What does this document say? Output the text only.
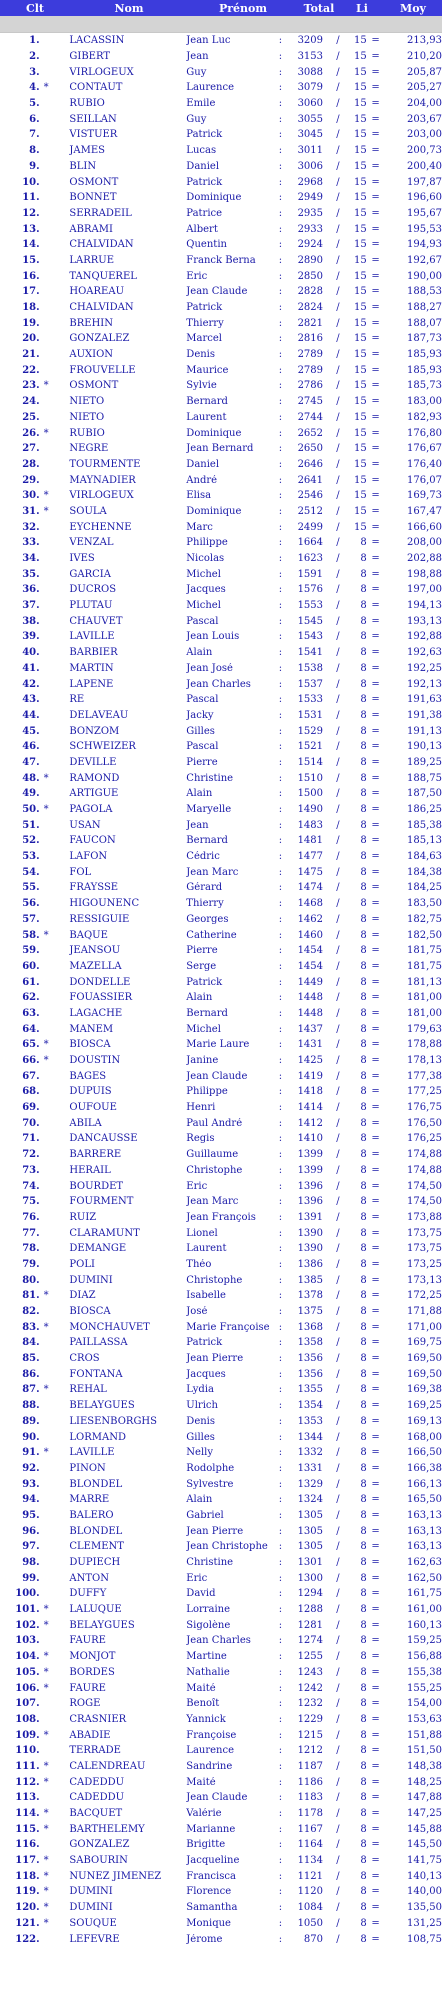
Clt	Nom	Prénom	Total	Li	Moy
1.	LACASSIN	Jean Luc	:	3209	/	15 =	213,93
2.	GIBERT	Jean	:	3153	/	15 =	210,20
3.	VIRLOGEUX	Guy	:	3088	/	15 =	205,87
4. *	CONTAUT	Laurence	:	3079	/	15 =	205,27
5.	RUBIO	Emile	:	3060	/	15 =	204,00
6.	SEILLAN	Guy	:	3055	/	15 =	203,67
7.	VISTUER	Patrick	:	3045	/	15 =	203,00
8.	JAMES	Lucas	:	3011	/	15 =	200,73
9.	BLIN	Daniel	:	3006	/	15 =	200,40
10.	OSMONT	Patrick	:	2968	/	15 =	197,87
11.	BONNET	Dominique	:	2949	/	15 =	196,60
12.	SERRADEIL	Patrice	:	2935	/	15 =	195,67
13.	ABRAMI	Albert	:	2933	/	15 =	195,53
14.	CHALVIDAN	Quentin	:	2924	/	15 =	194,93
15.	LARRUE	Franck Berna	:	2890	/	15 =	192,67
16.	TANQUEREL	Eric	:	2850	/	15 =	190,00
17.	HOAREAU	Jean Claude	:	2828	/	15 =	188,53
18.	CHALVIDAN	Patrick	:	2824	/	15 =	188,27
19.	BREHIN	Thierry	:	2821	/	15 =	188,07
20.	GONZALEZ	Marcel	:	2816	/	15 =	187,73
21.	AUXION	Denis	:	2789	/	15 =	185,93
22.	FROUVELLE	Maurice	:	2789	/	15 =	185,93
23. *	OSMONT	Sylvie	:	2786	/	15 =	185,73
24.	NIETO	Bernard	:	2745	/	15 =	183,00
25.	NIETO	Laurent	:	2744	/	15 =	182,93
26. *	RUBIO	Dominique	:	2652	/	15 =	176,80
27.	NEGRE	Jean Bernard	:	2650	/	15 =	176,67
28.	TOURMENTE	Daniel	:	2646	/	15 =	176,40
29.	MAYNADIER	André	:	2641	/	15 =	176,07
30. *	VIRLOGEUX	Elisa	:	2546	/	15 =	169,73
31. *	SOULA	Dominique	:	2512	/	15 =	167,47
32.	EYCHENNE	Marc	:	2499	/	15 =	166,60
33.	VENZAL	Philippe	:	1664	/	8 =	208,00
34.	IVES	Nicolas	:	1623	/	8 =	202,88
35.	GARCIA	Michel	:	1591	/	8 =	198,88
36.	DUCROS	Jacques	:	1576	/	8 =	197,00
37.	PLUTAU	Michel	:	1553	/	8 =	194,13
38.	CHAUVET	Pascal	:	1545	/	8 =	193,13
39.	LAVILLE	Jean Louis	:	1543	/	8 =	192,88
40.	BARBIER	Alain	:	1541	/	8 =	192,63
41.	MARTIN	Jean José	:	1538	/	8 =	192,25
42.	LAPENE	Jean Charles	:	1537	/	8 =	192,13
43.	RE	Pascal	:	1533	/	8 =	191,63
44.	DELAVEAU	Jacky	:	1531	/	8 =	191,38
45.	BONZOM	Gilles	:	1529	/	8 =	191,13
46.	SCHWEIZER	Pascal	:	1521	/	8 =	190,13
47.	DEVILLE	Pierre	:	1514	/	8 =	189,25
48. *	RAMOND	Christine	:	1510	/	8 =	188,75
49.	ARTIGUE	Alain	:	1500	/	8 =	187,50
50. *	PAGOLA	Maryelle	:	1490	/	8 =	186,25
51.	USAN	Jean	:	1483	/	8 =	185,38
52.	FAUCON	Bernard	:	1481	/	8 =	185,13
53.	LAFON	Cédric	:	1477	/	8 =	184,63
54.	FOL	Jean Marc	:	1475	/	8 =	184,38
55.	FRAYSSE	Gérard	:	1474	/	8 =	184,25
56.	HIGOUNENC	Thierry	:	1468	/	8 =	183,50
57.	RESSIGUIE	Georges	:	1462	/	8 =	182,75
58. *	BAQUE	Catherine	:	1460	/	8 =	182,50
59.	JEANSOU	Pierre	:	1454	/	8 =	181,75
60.	MAZELLA	Serge	:	1454	/	8 =	181,75
61.	DONDELLE	Patrick	:	1449	/	8 =	181,13
62.	FOUASSIER	Alain	:	1448	/	8 =	181,00
63.	LAGACHE	Bernard	:	1448	/	8 =	181,00
64.	MANEM	Michel	:	1437	/	8 =	179,63
65. *	BIOSCA	Marie Laure	:	1431	/	8 =	178,88
66. *	DOUSTIN	Janine	:	1425	/	8 =	178,13
67.	BAGES	Jean Claude	:	1419	/	8 =	177,38
68.	DUPUIS	Philippe	:	1418	/	8 =	177,25
69.	OUFOUE	Henri	:	1414	/	8 =	176,75
70.	ABILA	Paul André	:	1412	/	8 =	176,50
71.	DANCAUSSE	Regis	:	1410	/	8 =	176,25
72.	BARRERE	Guillaume	:	1399	/	8 =	174,88
73.	HERAIL	Christophe	:	1399	/	8 =	174,88
74.	BOURDET	Eric	:	1396	/	8 =	174,50
75.	FOURMENT	Jean Marc	:	1396	/	8 =	174,50
76.	RUIZ	Jean François	:	1391	/	8 =	173,88
77.	CLARAMUNT	Lionel	:	1390	/	8 =	173,75
78.	DEMANGE	Laurent	:	1390	/	8 =	173,75
79.	POLI	Théo	:	1386	/	8 =	173,25
80.	DUMINI	Christophe	:	1385	/	8 =	173,13
81. *	DIAZ	Isabelle	:	1378	/	8 =	172,25
82.	BIOSCA	José	:	1375	/	8 =	171,88
83. *	MONCHAUVET	Marie Françoise :	1368	/	8 =	171,00
84.	PAILLASSA	Patrick	:	1358	/	8 =	169,75
85.	CROS	Jean Pierre	:	1356	/	8 =	169,50
86.	FONTANA	Jacques	:	1356	/	8 =	169,50
87. *	REHAL	Lydia	:	1355	/	8 =	169,38
88.	BELAYGUES	Ulrich	:	1354	/	8 =	169,25
89.	LIESENBORGHS	Denis	:	1353	/	8 =	169,13
90.	LORMAND	Gilles	:	1344	/	8 =	168,00
91. *	LAVILLE	Nelly	:	1332	/	8 =	166,50
92.	PINON	Rodolphe	:	1331	/	8 =	166,38
93.	BLONDEL	Sylvestre	:	1329	/	8 =	166,13
94.	MARRE	Alain	:	1324	/	8 =	165,50
95.	BALERO	Gabriel	:	1305	/	8 =	163,13
96.	BLONDEL	Jean Pierre	:	1305	/	8 =	163,13
97.	CLEMENT	Jean Christophe	:	1305	/	8 =	163,13
98.	DUPIECH	Christine	:	1301	/	8 =	162,63
99.	ANTON	Eric	:	1300	/	8 =	162,50
100.	DUFFY	David	:	1294	/	8 =	161,75
101. *	LALUQUE	Lorraine	:	1288	/	8 =	161,00
102. *	BELAYGUES	Sigolène	:	1281	/	8 =	160,13
103.	FAURE	Jean Charles	:	1274	/	8 =	159,25
104. *	MONJOT	Martine	:	1255	/	8 =	156,88
105. *	BORDES	Nathalie	:	1243	/	8 =	155,38
106. *	FAURE	Maité	:	1242	/	8 =	155,25
107.	ROGE	Benoît	:	1232	/	8 =	154,00
108.	CRASNIER	Yannick	:	1229	/	8 =	153,63
109. *	ABADIE	Françoise	:	1215	/	8 =	151,88
110.	TERRADE	Laurence	:	1212	/	8 =	151,50
111. *	CALENDREAU	Sandrine	:	1187	/	8 =	148,38
112. *	CADEDDU	Maité	:	1186	/	8 =	148,25
113.	CADEDDU	Jean Claude	:	1183	/	8 =	147,88
114. *	BACQUET	Valérie	:	1178	/	8 =	147,25
115. *	BARTHELEMY	Marianne	:	1167	/	8 =	145,88
116.	GONZALEZ	Brigitte	:	1164	/	8 =	145,50
117. *	SABOURIN	Jacqueline	:	1134	/	8 =	141,75
118. *	NUNEZ JIMENEZ	Francisca	:	1121	/	8 =	140,13
119. *	DUMINI	Florence	:	1120	/	8 =	140,00
120. *	DUMINI	Samantha	:	1084	/	8 =	135,50
121. *	SOUQUE	Monique	:	1050	/	8 =	131,25
122.	LEFEVRE	Jérome	:	870	/	8 =	108,75
